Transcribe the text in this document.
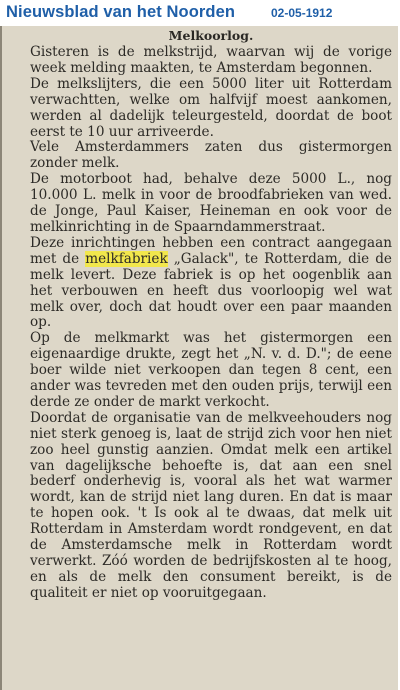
Nieuwsblad van het Noorden	02-05-1912
Melkoorlog.

Gisteren is de melkstrijd, waarvan wij de vorige week melding maakten, te Amsterdam begonnen.

De melkslijters, die een 5000 liter uit Rotterdam verwachtten, welke om halfvijf moest aankomen, werden al dadelijk teleurgesteld, doordat de boot eerst te 10 uur arriveerde.

Vele Amsterdammers zaten dus gistermorgen zonder melk.

De motorboot had, behalve deze 5000 L., nog 10.000 L. melk in voor de broodfabrieken van wed. de Jonge, Paul Kaiser, Heineman en ook voor de melkinrichting in de Spaarndammerstraat.

Deze inrichtingen hebben een contract aangegaan met de melkfabriek „Galack", te Rotterdam, die de melk levert. Deze fabriek is op het oogenblik aan het verbouwen en heeft dus voorloopig wel wat melk over, doch dat houdt over een paar maanden op.

Op de melkmarkt was het gistermorgen een eigenaardige drukte, zegt het „N. v. d. D."; de eene boer wilde niet verkoopen dan tegen 8 cent, een ander was tevreden met den ouden prijs, terwijl een derde ze onder de markt verkocht.

Doordat de organisatie van de melkveehouders nog niet sterk genoeg is, laat de strijd zich voor hen niet zoo heel gunstig aanzien. Omdat melk een artikel van dagelijksche behoefte is, dat aan een snel bederf onderhevig is, vooral als het wat warmer wordt, kan de strijd niet lang duren. En dat is maar te hopen ook. 't Is ook al te dwaas, dat melk uit Rotterdam in Amsterdam wordt rondgevent, en dat de Amsterdamsche melk in Rotterdam wordt verwerkt. Zóó worden de bedrijfskosten al te hoog, en als de melk den consument bereikt, is de qualiteit er niet op vooruitgegaan.
